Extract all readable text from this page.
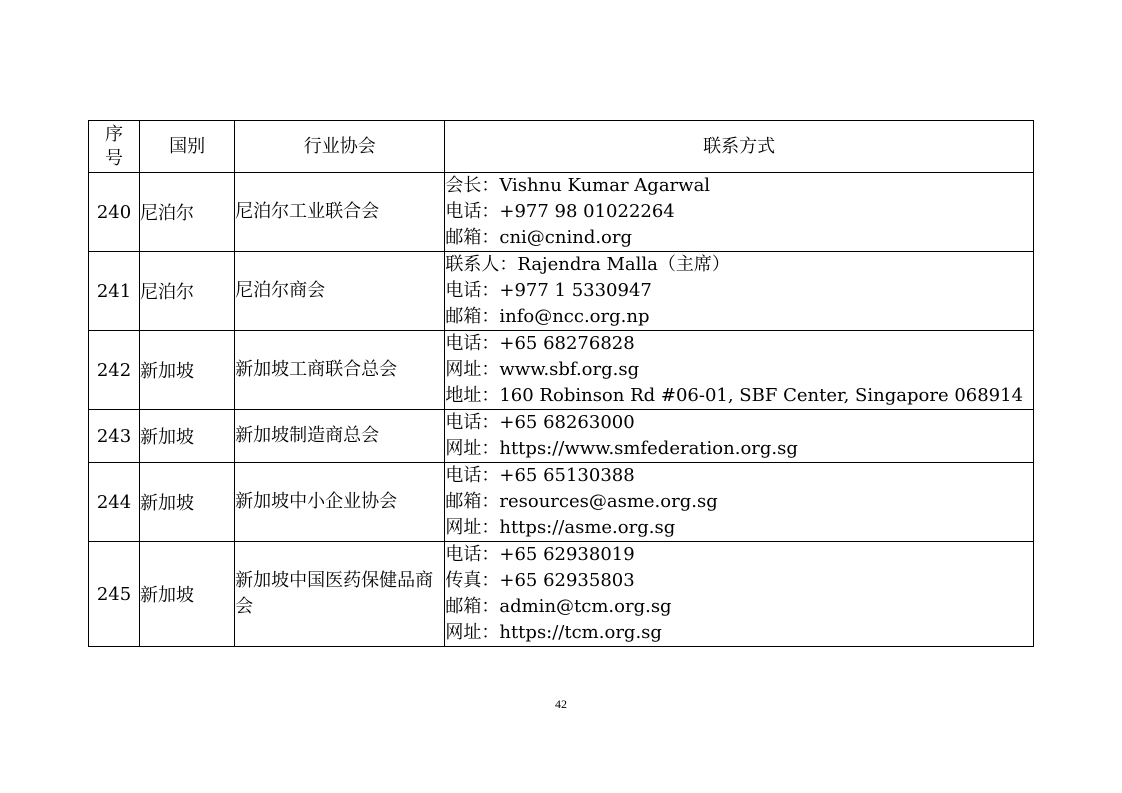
序
号	国别	行业协会	联系方式
240	尼泊尔	尼泊尔工业联合会	会长：Vishnu Kumar Agarwal
电话：+977 98 01022264
邮箱：cni@cnind.org

241	尼泊尔	尼泊尔商会	联系人：Rajendra Malla（主席）
电话：+977 1 5330947
邮箱：info@ncc.org.np

242	新加坡	新加坡工商联合总会	电话：+65 68276828
网址：www.sbf.org.sg
地址：160 Robinson Rd #06-01, SBF Center, Singapore 068914

243	新加坡	新加坡制造商总会	电话：+65 68263000
网址：https://www.smfederation.org.sg

244	新加坡	新加坡中小企业协会	电话：+65 65130388
邮箱：resources@asme.org.sg
网址：https://asme.org.sg

245	新加坡	新加坡中国医药保健品商会	电话：+65 62938019
传真：+65 62935803
邮箱：admin@tcm.org.sg
网址：https://tcm.org.sg
42
